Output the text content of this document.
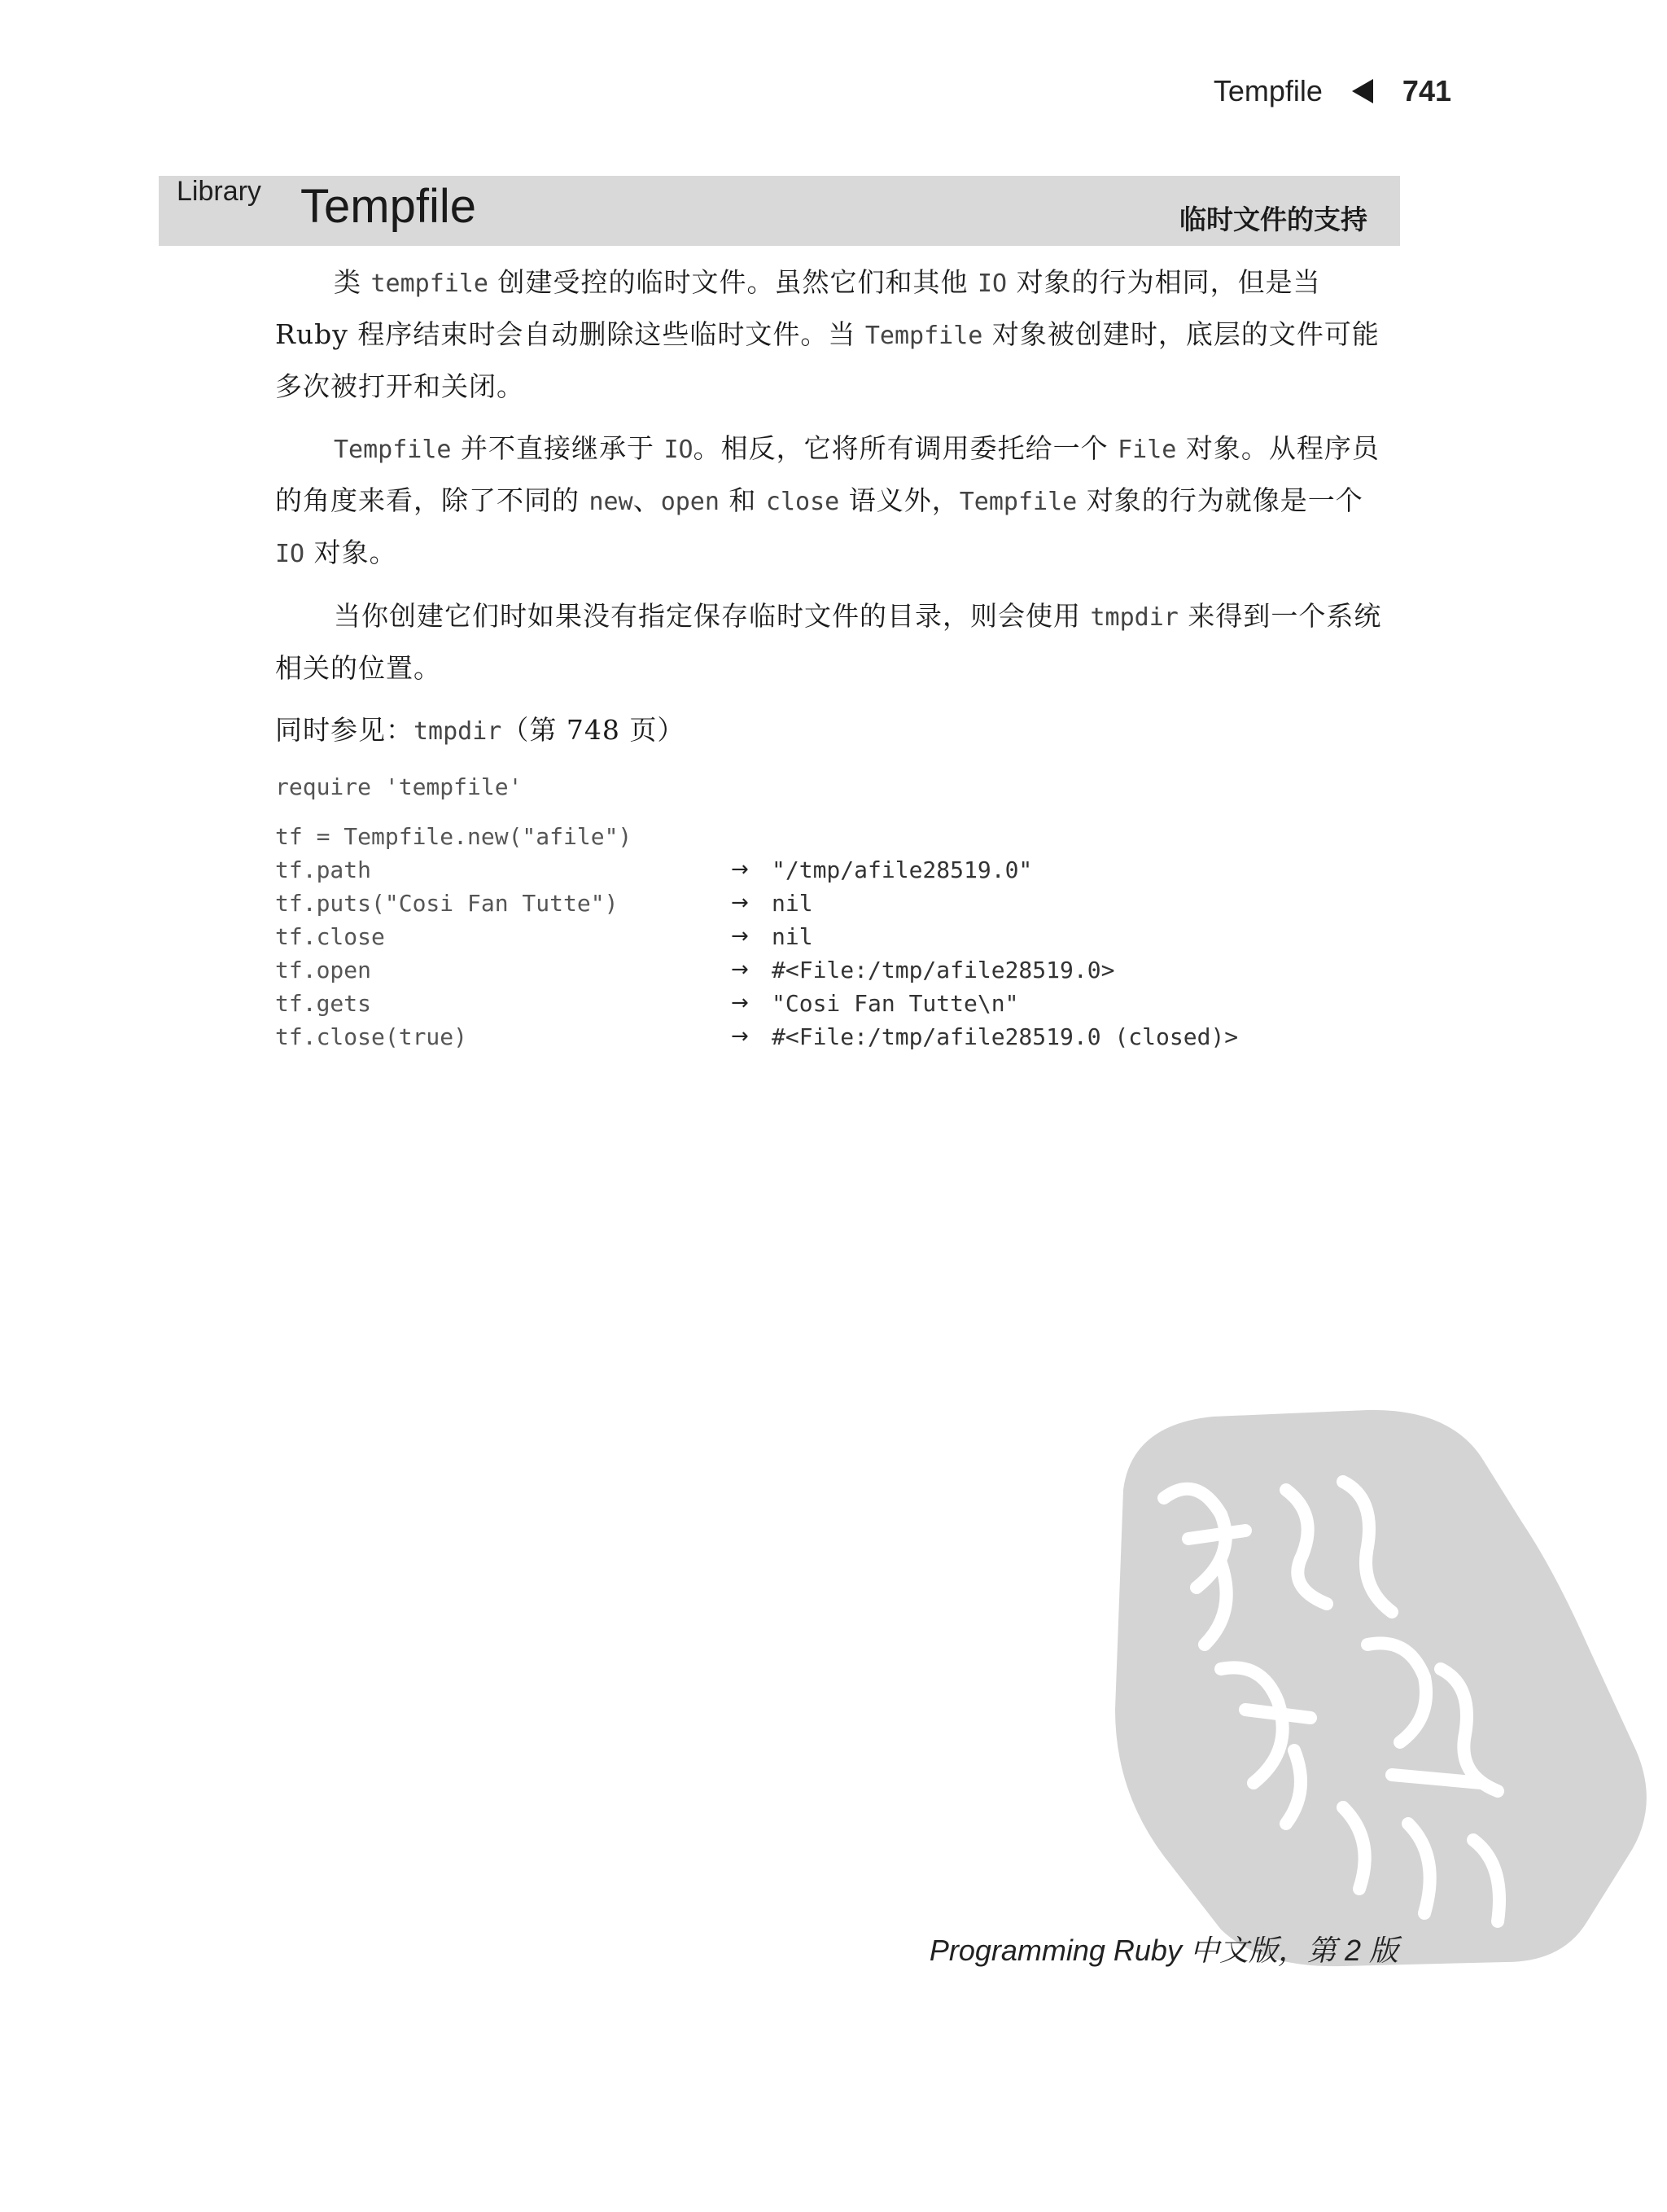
Tempfile	741
Library Tempfile	临时文件的支持

类 tempfile 创建受控的临时文件。虽然它们和其他 IO 对象的行为相同，但是当 Ruby 程序结束时会自动删除这些临时文件。当 Tempfile 对象被创建时，底层的文件可能多次被打开和关闭。

Tempfile 并不直接继承于 IO。相反，它将所有调用委托给一个 File 对象。从程序员的角度来看，除了不同的 new、open 和 close 语义外，Tempfile 对象的行为就像是一个 IO 对象。

当你创建它们时如果没有指定保存临时文件的目录，则会使用 tmpdir 来得到一个系统相关的位置。

同时参见：tmpdir（第 748 页）
require 'tempfile'
tf = Tempfile.new("afile")
tf.path	→	"/tmp/afile28519.0"
tf.puts("Cosi Fan Tutte")	→	nil
tf.close	→	nil
tf.open	→	#<File:/tmp/afile28519.0>
tf.gets	→	"Cosi Fan Tutte\n"
tf.close(true)	→	#<File:/tmp/afile28519.0 (closed)>
Programming Ruby 中文版，第 2 版
